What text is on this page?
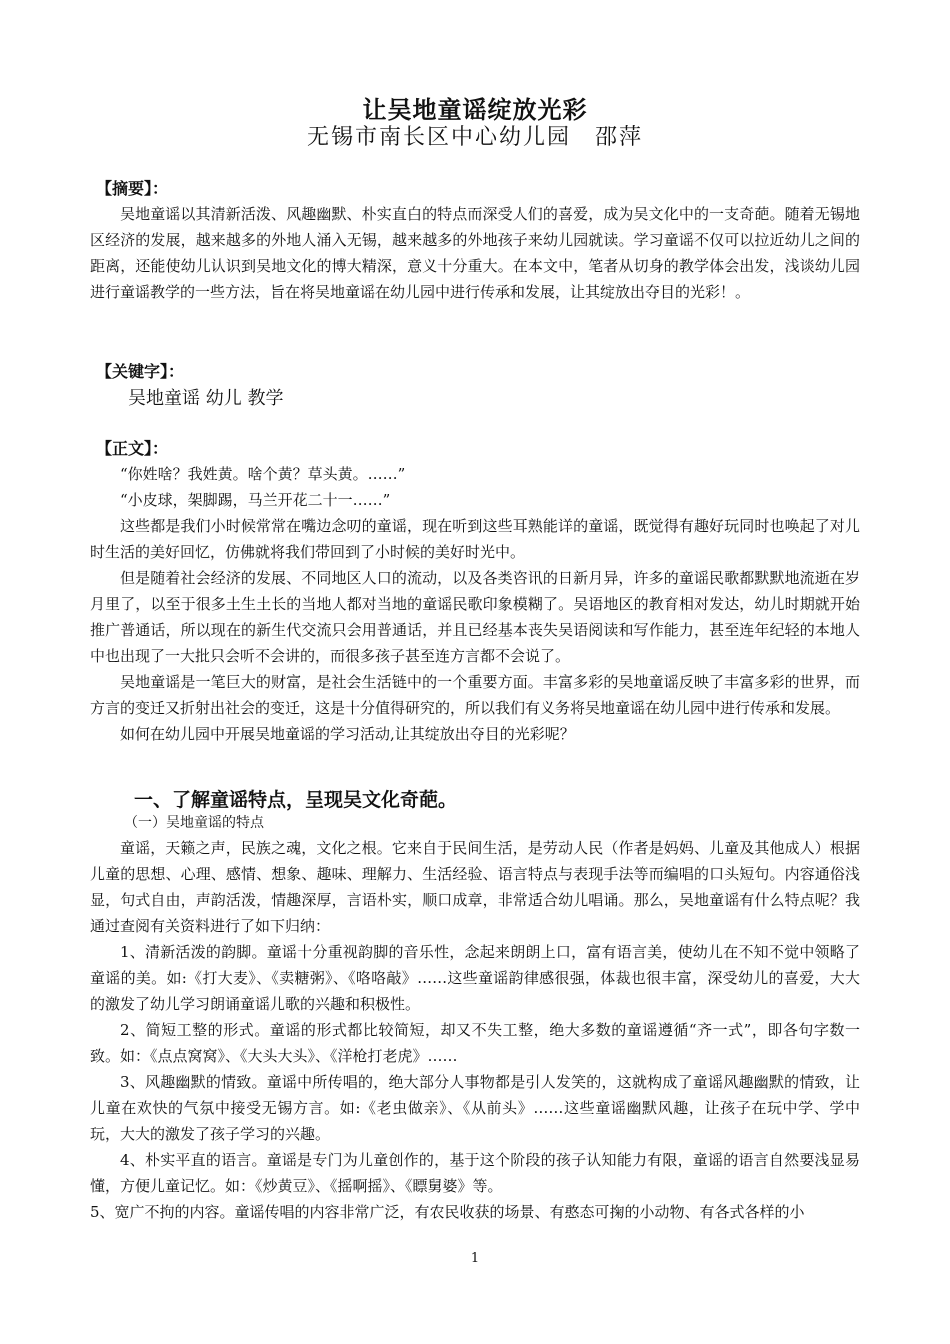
让吴地童谣绽放光彩
无锡市南长区中心幼儿园　邵萍
【摘要】：

吴地童谣以其清新活泼、风趣幽默、朴实直白的特点而深受人们的喜爱，成为吴文化中的一支奇葩。随着无锡地区经济的发展，越来越多的外地人涌入无锡，越来越多的外地孩子来幼儿园就读。学习童谣不仅可以拉近幼儿之间的距离，还能使幼儿认识到吴地文化的博大精深，意义十分重大。在本文中，笔者从切身的教学体会出发，浅谈幼儿园进行童谣教学的一些方法，旨在将吴地童谣在幼儿园中进行传承和发展，让其绽放出夺目的光彩！。

【关键字】：
吴地童谣 幼儿 教学
【正文】：

“你姓啥？我姓黄。啥个黄？草头黄。……”

“小皮球，架脚踢，马兰开花二十一……”

这些都是我们小时候常常在嘴边念叨的童谣，现在听到这些耳熟能详的童谣，既觉得有趣好玩同时也唤起了对儿时生活的美好回忆，仿佛就将我们带回到了小时候的美好时光中。

但是随着社会经济的发展、不同地区人口的流动，以及各类咨讯的日新月异，许多的童谣民歌都默默地流逝在岁月里了，以至于很多土生土长的当地人都对当地的童谣民歌印象模糊了。吴语地区的教育相对发达，幼儿时期就开始推广普通话，所以现在的新生代交流只会用普通话，并且已经基本丧失吴语阅读和写作能力，甚至连年纪轻的本地人中也出现了一大批只会听不会讲的，而很多孩子甚至连方言都不会说了。

吴地童谣是一笔巨大的财富，是社会生活链中的一个重要方面。丰富多彩的吴地童谣反映了丰富多彩的世界，而方言的变迁又折射出社会的变迁，这是十分值得研究的，所以我们有义务将吴地童谣在幼儿园中进行传承和发展。

如何在幼儿园中开展吴地童谣的学习活动,让其绽放出夺目的光彩呢？

一、了解童谣特点，呈现吴文化奇葩。
（一）吴地童谣的特点

童谣，天籁之声，民族之魂，文化之根。它来自于民间生活，是劳动人民（作者是妈妈、儿童及其他成人）根据儿童的思想、心理、感情、想象、趣味、理解力、生活经验、语言特点与表现手法等而编唱的口头短句。内容通俗浅显，句式自由，声韵活泼，情趣深厚，言语朴实，顺口成章，非常适合幼儿唱诵。那么，吴地童谣有什么特点呢？我通过查阅有关资料进行了如下归纳：

1、清新活泼的韵脚。童谣十分重视韵脚的音乐性，念起来朗朗上口，富有语言美，使幼儿在不知不觉中领略了童谣的美。如:《打大麦》、《卖糖粥》、《咯咯敲》……这些童谣韵律感很强，体裁也很丰富，深受幼儿的喜爱，大大的激发了幼儿学习朗诵童谣儿歌的兴趣和积极性。

2、简短工整的形式。童谣的形式都比较简短，却又不失工整，绝大多数的童谣遵循“齐一式”，即各句字数一致。如：《点点窝窝》、《大头大头》、《洋枪打老虎》……

3、风趣幽默的情致。童谣中所传唱的，绝大部分人事物都是引人发笑的，这就构成了童谣风趣幽默的情致，让儿童在欢快的气氛中接受无锡方言。如:《老虫做亲》、《从前头》……这些童谣幽默风趣，让孩子在玩中学、学中玩，大大的激发了孩子学习的兴趣。

4、朴实平直的语言。童谣是专门为儿童创作的，基于这个阶段的孩子认知能力有限，童谣的语言自然要浅显易懂，方便儿童记忆。如：《炒黄豆》、《摇啊摇》、《瞟舅婆》等。

5、宽广不拘的内容。童谣传唱的内容非常广泛，有农民收获的场景、有憨态可掬的小动物、有各式各样的小

1
